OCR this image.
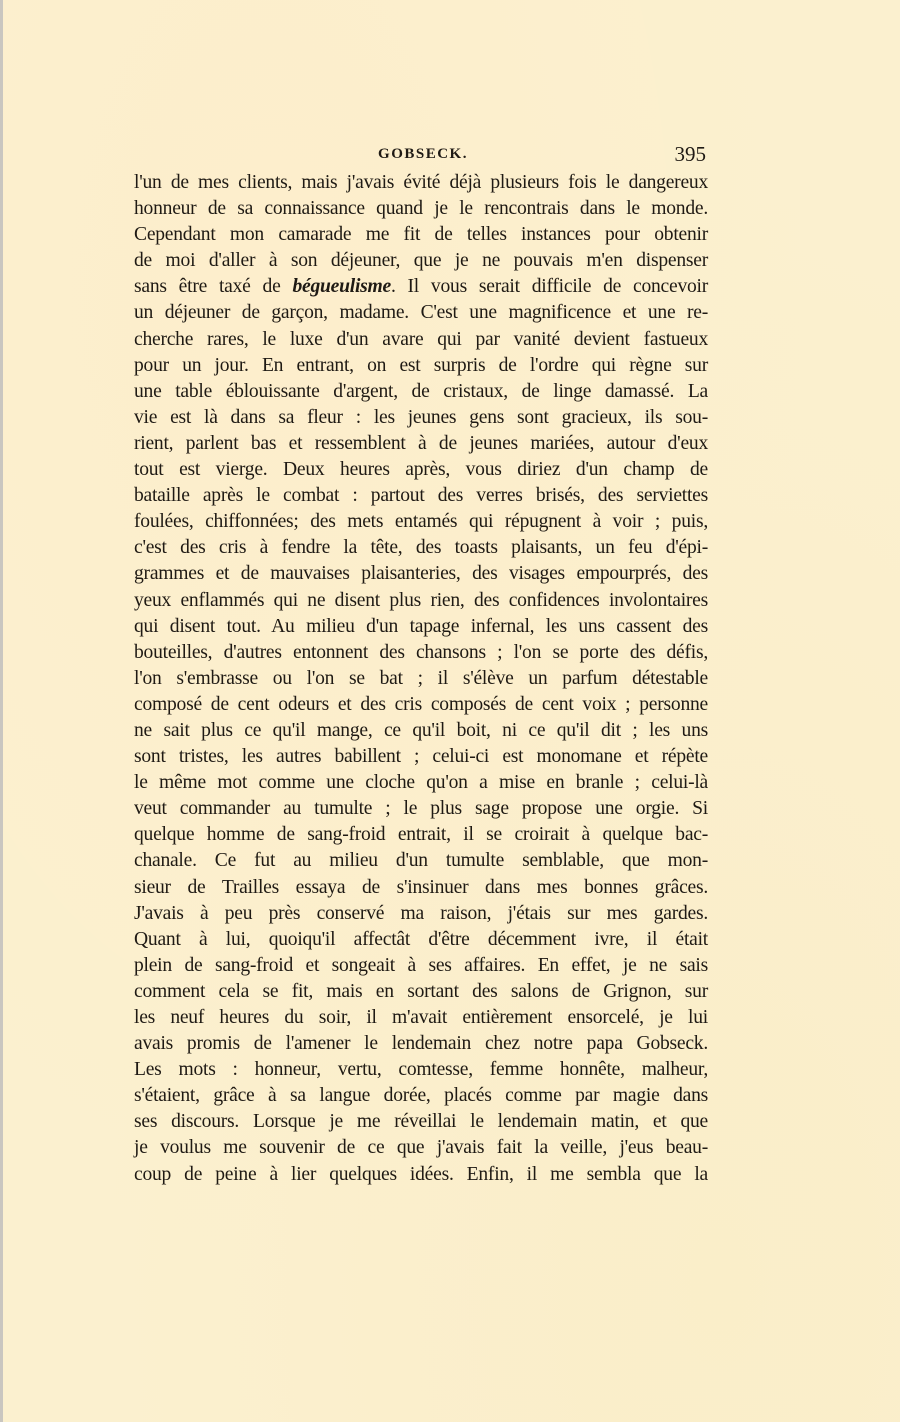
GOBSECK.	395
l'un de mes clients, mais j'avais évité déjà plusieurs fois le dangereux
honneur de sa connaissance quand je le rencontrais dans le monde.
Cependant mon camarade me fit de telles instances pour obtenir
de moi d'aller à son déjeuner, que je ne pouvais m'en dispenser
sans être taxé de bégueulisme. Il vous serait difficile de concevoir
un déjeuner de garçon, madame. C'est une magnificence et une re-
cherche rares, le luxe d'un avare qui par vanité devient fastueux
pour un jour. En entrant, on est surpris de l'ordre qui règne sur
une table éblouissante d'argent, de cristaux, de linge damassé. La
vie est là dans sa fleur : les jeunes gens sont gracieux, ils sou-
rient, parlent bas et ressemblent à de jeunes mariées, autour d'eux
tout est vierge. Deux heures après, vous diriez d'un champ de
bataille après le combat : partout des verres brisés, des serviettes
foulées, chiffonnées; des mets entamés qui répugnent à voir ; puis,
c'est des cris à fendre la tête, des toasts plaisants, un feu d'épi-
grammes et de mauvaises plaisanteries, des visages empourprés, des
yeux enflammés qui ne disent plus rien, des confidences involontaires
qui disent tout. Au milieu d'un tapage infernal, les uns cassent des
bouteilles, d'autres entonnent des chansons ; l'on se porte des défis,
l'on s'embrasse ou l'on se bat ; il s'élève un parfum détestable
composé de cent odeurs et des cris composés de cent voix ; personne
ne sait plus ce qu'il mange, ce qu'il boit, ni ce qu'il dit ; les uns
sont tristes, les autres babillent ; celui-ci est monomane et répète
le même mot comme une cloche qu'on a mise en branle ; celui-là
veut commander au tumulte ; le plus sage propose une orgie. Si
quelque homme de sang-froid entrait, il se croirait à quelque bac-
chanale. Ce fut au milieu d'un tumulte semblable, que mon-
sieur de Trailles essaya de s'insinuer dans mes bonnes grâces.
J'avais à peu près conservé ma raison, j'étais sur mes gardes.
Quant à lui, quoiqu'il affectât d'être décemment ivre, il était
plein de sang-froid et songeait à ses affaires. En effet, je ne sais
comment cela se fit, mais en sortant des salons de Grignon, sur
les neuf heures du soir, il m'avait entièrement ensorcelé, je lui
avais promis de l'amener le lendemain chez notre papa Gobseck.
Les mots : honneur, vertu, comtesse, femme honnête, malheur,
s'étaient, grâce à sa langue dorée, placés comme par magie dans
ses discours. Lorsque je me réveillai le lendemain matin, et que
je voulus me souvenir de ce que j'avais fait la veille, j'eus beau-
coup de peine à lier quelques idées. Enfin, il me sembla que la
